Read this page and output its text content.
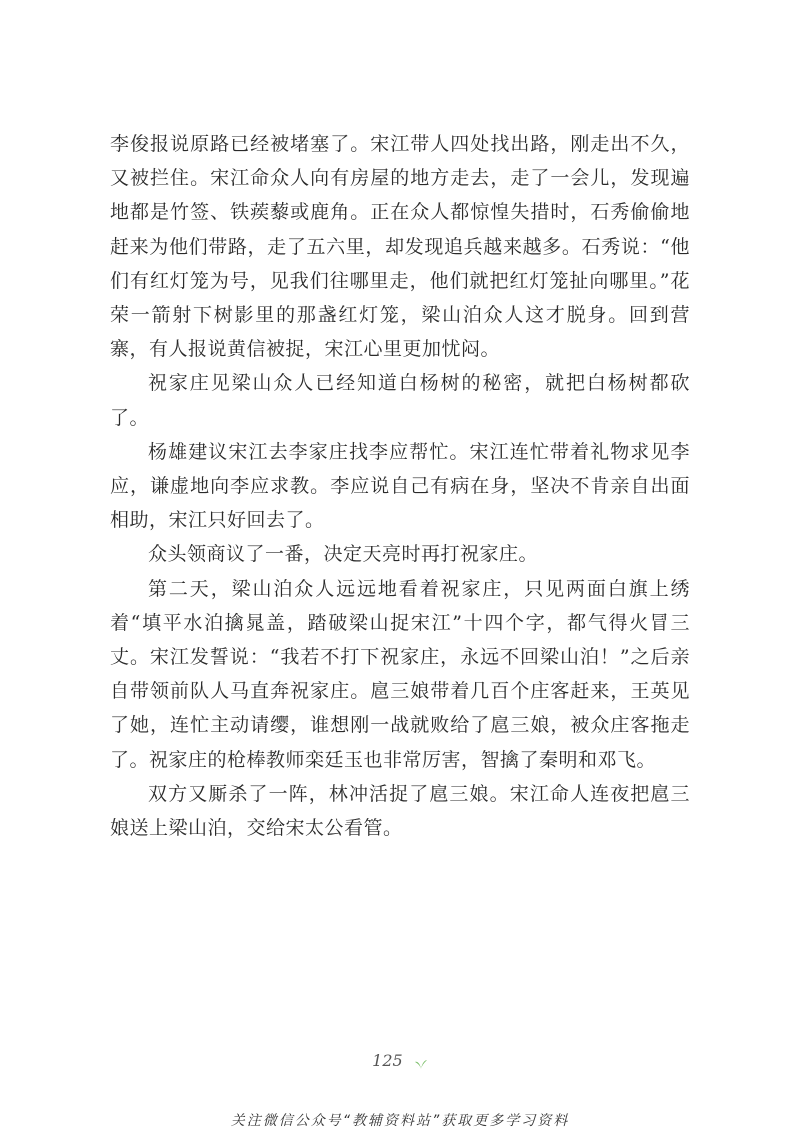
李俊报说原路已经被堵塞了。宋江带人四处找出路，刚走出不久，又被拦住。宋江命众人向有房屋的地方走去，走了一会儿，发现遍地都是竹签、铁蒺藜或鹿角。正在众人都惊惶失措时，石秀偷偷地赶来为他们带路，走了五六里，却发现追兵越来越多。石秀说：“他们有红灯笼为号，见我们往哪里走，他们就把红灯笼扯向哪里。”花荣一箭射下树影里的那盏红灯笼，梁山泊众人这才脱身。回到营寨，有人报说黄信被捉，宋江心里更加忧闷。

祝家庄见梁山众人已经知道白杨树的秘密，就把白杨树都砍了。

杨雄建议宋江去李家庄找李应帮忙。宋江连忙带着礼物求见李应，谦虚地向李应求教。李应说自己有病在身，坚决不肯亲自出面相助，宋江只好回去了。

众头领商议了一番，决定天亮时再打祝家庄。

第二天，梁山泊众人远远地看着祝家庄，只见两面白旗上绣着“填平水泊擒晁盖，踏破梁山捉宋江”十四个字，都气得火冒三丈。宋江发誓说：“我若不打下祝家庄，永远不回梁山泊！”之后亲自带领前队人马直奔祝家庄。扈三娘带着几百个庄客赶来，王英见了她，连忙主动请缨，谁想刚一战就败给了扈三娘，被众庄客拖走了。祝家庄的枪棒教师栾廷玉也非常厉害，智擒了秦明和邓飞。

双方又厮杀了一阵，林冲活捉了扈三娘。宋江命人连夜把扈三娘送上梁山泊，交给宋太公看管。

125
关注微信公众号“教辅资料站”获取更多学习资料
